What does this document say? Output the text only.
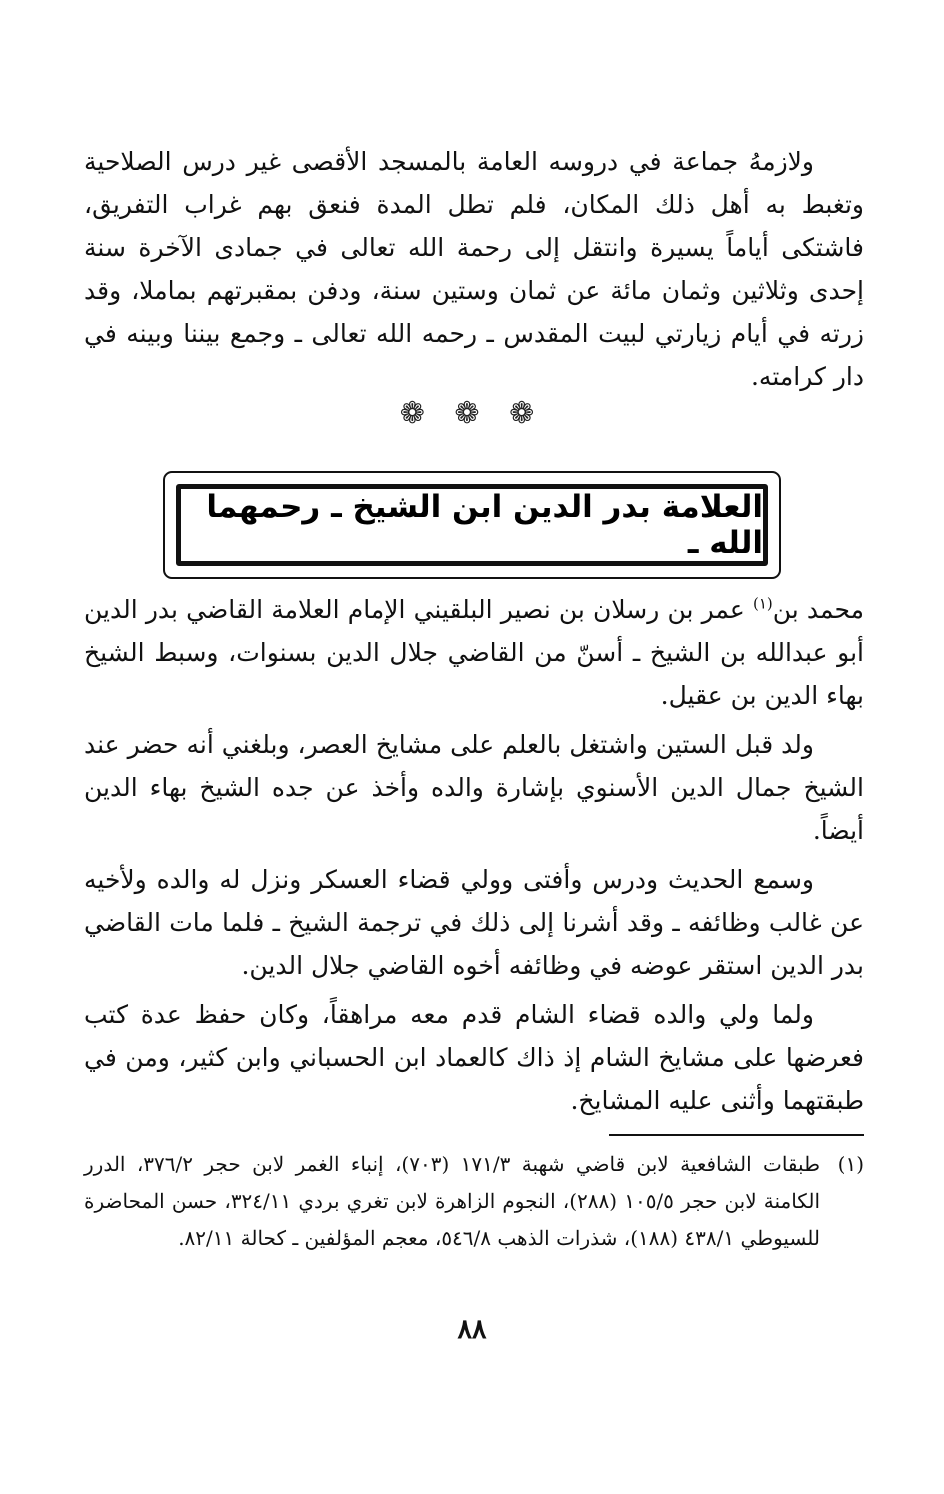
ولازمهُ جماعة في دروسه العامة بالمسجد الأقصى غير درس الصلاحية وتغبط به أهل ذلك المكان، فلم تطل المدة فنعق بهم غراب التفريق، فاشتكى أياماً يسيرة وانتقل إلى رحمة الله تعالى في جمادى الآخرة سنة إحدى وثلاثين وثمان مائة عن ثمان وستين سنة، ودفن بمقبرتهم بماملا، وقد زرته في أيام زيارتي لبيت المقدس ـ رحمه الله تعالى ـ وجمع بيننا وبينه في دار كرامته.

❁ ❁ ❁
العلامة بدر الدين ابن الشيخ ـ رحمهما الله ـ

محمد بن$^{(١)}$ عمر بن رسلان بن نصير البلقيني الإمام العلامة القاضي بدر الدين أبو عبدالله بن الشيخ ـ أسنّ من القاضي جلال الدين بسنوات، وسبط الشيخ بهاء الدين بن عقيل.

ولد قبل الستين واشتغل بالعلم على مشايخ العصر، وبلغني أنه حضر عند الشيخ جمال الدين الأسنوي بإشارة والده وأخذ عن جده الشيخ بهاء الدين أيضاً.

وسمع الحديث ودرس وأفتى وولي قضاء العسكر ونزل له والده ولأخيه عن غالب وظائفه ـ وقد أشرنا إلى ذلك في ترجمة الشيخ ـ فلما مات القاضي بدر الدين استقر عوضه في وظائفه أخوه القاضي جلال الدين.

ولما ولي والده قضاء الشام قدم معه مراهقاً، وكان حفظ عدة كتب فعرضها على مشايخ الشام إذ ذاك كالعماد ابن الحسباني وابن كثير، ومن في طبقتهما وأثنى عليه المشايخ.

(١)طبقات الشافعية لابن قاضي شهبة ١٧١/٣ (٧٠٣)، إنباء الغمر لابن حجر ٣٧٦/٢، الدرر الكامنة لابن حجر ١٠٥/٥ (٢٨٨)، النجوم الزاهرة لابن تغري بردي ٣٢٤/١١، حسن المحاضرة للسيوطي ٤٣٨/١ (١٨٨)، شذرات الذهب ٥٤٦/٨، معجم المؤلفين ـ كحالة ٨٢/١١.

٨٨
